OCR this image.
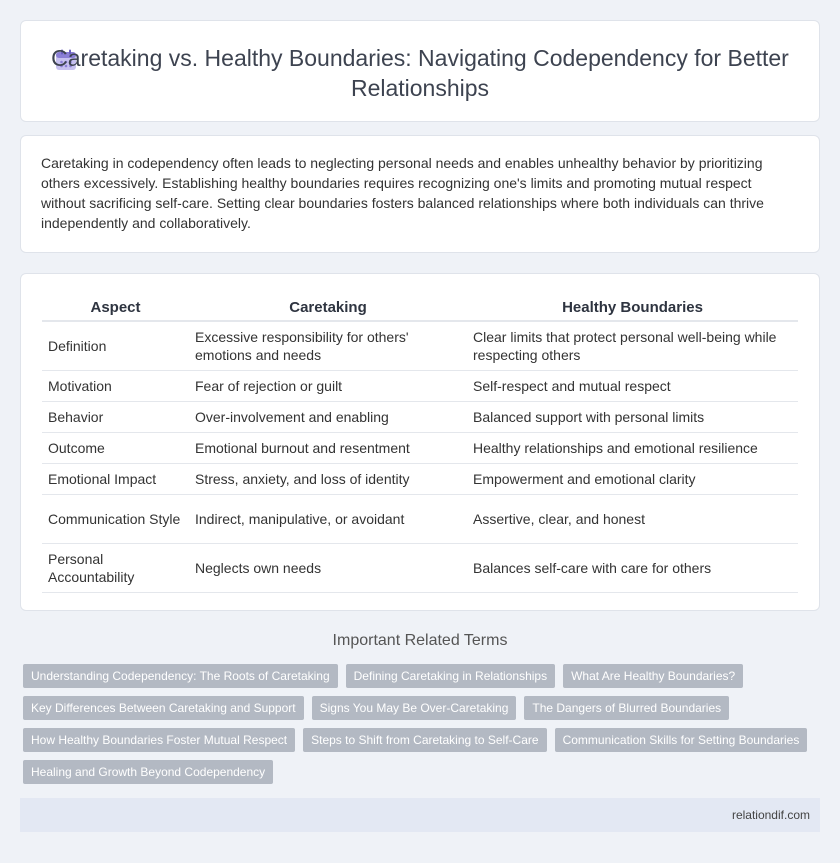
Caretaking vs. Healthy Boundaries: Navigating Codependency for Better Relationships

Caretaking in codependency often leads to neglecting personal needs and enables unhealthy behavior by prioritizing others excessively. Establishing healthy boundaries requires recognizing one's limits and promoting mutual respect without sacrificing self-care. Setting clear boundaries fosters balanced relationships where both individuals can thrive independently and collaboratively.

Aspect	Caretaking	Healthy Boundaries
Definition	Excessive responsibility for others' emotions and needs	Clear limits that protect personal well-being while respecting others
Motivation	Fear of rejection or guilt	Self-respect and mutual respect
Behavior	Over-involvement and enabling	Balanced support with personal limits
Outcome	Emotional burnout and resentment	Healthy relationships and emotional resilience
Emotional Impact	Stress, anxiety, and loss of identity	Empowerment and emotional clarity
Communication Style	Indirect, manipulative, or avoidant	Assertive, clear, and honest
Personal Accountability	Neglects own needs	Balances self-care with care for others
Important Related Terms
Understanding Codependency: The Roots of Caretaking	Defining Caretaking in Relationships	What Are Healthy Boundaries?
Key Differences Between Caretaking and Support	Signs You May Be Over-Caretaking	The Dangers of Blurred Boundaries
How Healthy Boundaries Foster Mutual Respect	Steps to Shift from Caretaking to Self-Care	Communication Skills for Setting Boundaries
Healing and Growth Beyond Codependency
relationdif.com
